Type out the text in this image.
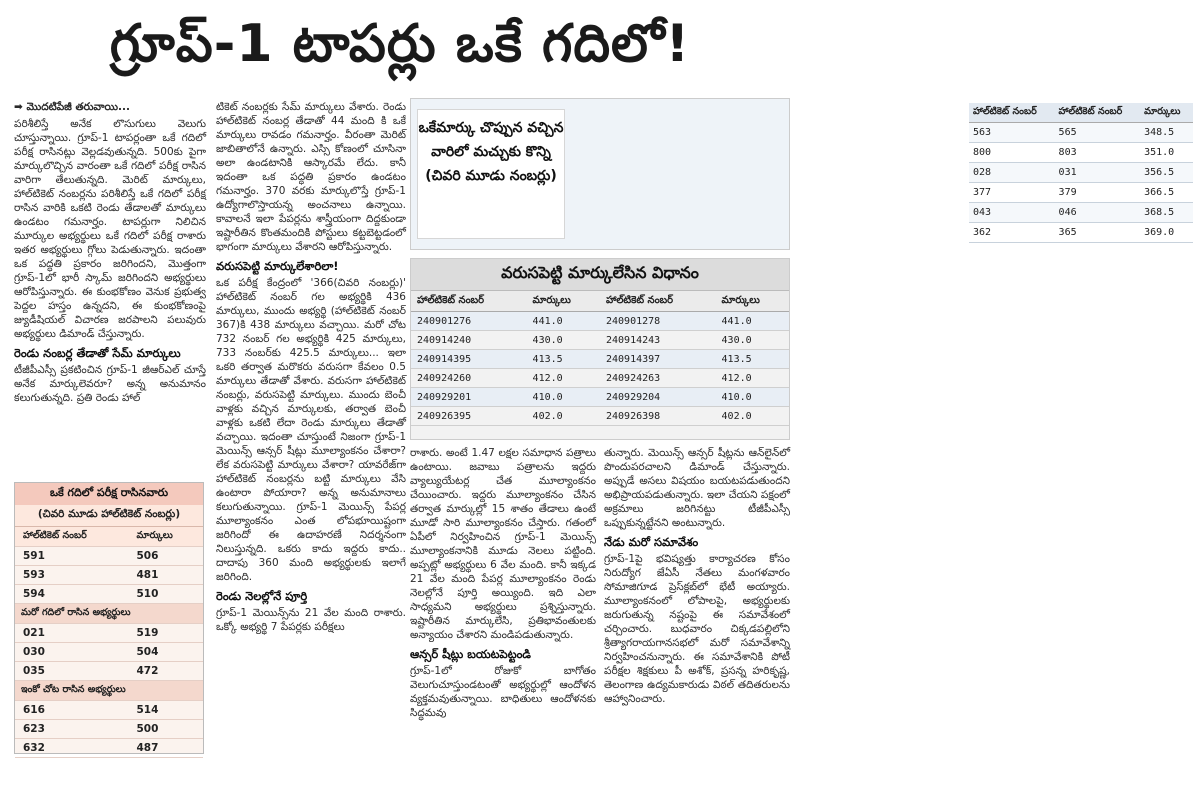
గ్రూప్-1 టాపర్లు ఒకే గదిలో!
➡ మొదటిపేజీ తరువాయి...

పరిశీలిస్తే అనేక లొసుగులు వెలుగు చూస్తున్నాయి. గ్రూప్-1 టాపర్లంతా ఒకే గదిలో పరీక్ష రాసినట్లు వెల్లడవుతున్నది. 500కు పైగా మార్కులొచ్చిన వారంతా ఒకే గదిలో పరీక్ష రాసిన వారిగా తేలుతున్నది. మెరిట్ మార్కులు, హాల్‌టికెట్ నంబర్లను పరిశీలిస్తే ఒకే గదిలో పరీక్ష రాసిన వారికి ఒకటి రెండు తేడాలతో మార్కులు ఉండటం గమనార్హం. టాపర్లుగా నిలిచిన మూర్కుల అభ్యర్థులు ఒకే గదిలో పరీక్ష రాశారు ఇతర అభ్యర్థులు గ్గోలు పెడుతున్నారు. ఇదంతా ఒక పద్ధతి ప్రకారం జరిగిందని, మొత్తంగా గ్రూప్-1లో భారీ స్కామ్ జరిగిందని అభ్యర్థులు ఆరోపిస్తున్నారు. ఈ కుంభకోణం వెనుక ప్రభుత్వ పెద్దల హస్తం ఉన్నదని, ఈ కుంభకోణంపై జ్యుడీషియల్ విచారణ జరపాలని పలువురు అభ్యర్థులు డిమాండ్ చేస్తున్నారు.

రెండు నంబర్ల తేడాతో సేమ్ మార్కులు

టీజీపీఎస్సీ ప్రకటించిన గ్రూప్-1 జీఆర్ఎల్ చూస్తే అనేక మార్కులెవరూ? అన్న అనుమానం కలుగుతున్నది. ప్రతి రెండు హాల్

ఒకే గదిలో పరీక్ష రాసినవారు
(చివరి మూడు హాల్‌టికెట్ నంబర్లు)
హాల్‌టికెట్ నంబర్	మార్కులు
591	506
593	481
594	510
మరో గదిలో రాసిన అభ్యర్థులు	
021	519
030	504
035	472
ఇంకో చోట రాసిన అభ్యర్థులు	
616	514
623	500
632	487

టికెట్ నంబర్లకు సేమ్ మార్కులు వేశారు. రెండు హాల్‌టికెట్ నంబర్ల తేడాతో 44 మంది కి ఒకే మార్కులు రావడం గమనార్హం. వీరంతా మెరిట్ జాబితాలోనే ఉన్నారు. ఎస్సి కోణంలో చూసినా అలా ఉండటానికి ఆస్కారమే లేదు. కానీ ఇదంతా ఒక పద్ధతి ప్రకారం ఉండటం గమనార్హం. 370 వరకు మార్కులొస్తే గ్రూప్-1 ఉద్యోగాలొస్తాయన్న అంచనాలు ఉన్నాయి. కావాలనే ఇలా పేపర్లను శాస్త్రీయంగా దిద్దకుండా ఇష్టారీతిన కొంతమందికి పోస్టులు కట్టబెట్టడంలో భాగంగా మార్కులు వేశారని ఆరోపిస్తున్నారు.

వరుసపెట్టి మార్కులేశారిలా!

ఒక పరీక్ష కేంద్రంలో '366(చివరి నంబర్లు)' హాల్‌టికెట్ నంబర్ గల అభ్యర్థికి 436 మార్కులు, ముందు అభ్యర్థి (హాల్‌టికెట్ నంబర్ 367)కి 438 మార్కులు వచ్చాయి. మరో చోట 732 నంబర్ గల అభ్యర్థికి 425 మార్కులు, 733 నంబర్‌కు 425.5 మార్కులు... ఇలా ఒకరి తర్వాత మరొకరు వరుసగా కేవలం 0.5 మార్కులు తేడాతో వేశారు. వరుసగా హాల్‌టికెట్ నంబర్లు, వరుసపెట్టి మార్కులు. ముందు బెంచీ వాళ్లకు వచ్చిన మార్కులకు, తర్వాత బెంచీ వాళ్లకు ఒకటి లేదా రెండు మార్కులు తేడాతో వచ్చాయి. ఇదంతా చూస్తుంటే నిజంగా గ్రూప్-1 మెయిన్స్ ఆన్సర్ షీట్లు మూల్యాంకనం చేశారా? లేక వరుసపెట్టి మార్కులు వేశారా? యావరేజ్‌గా హాల్‌టికెట్ నంబర్లను బట్టి మార్కులు వేసి ఉంటారా పోయారా? అన్న అనుమానాలు కలుగుతున్నాయి. గ్రూప్-1 మెయిన్స్ పేపర్ల మూల్యాంకనం ఎంత లోపభూయిష్టంగా జరిగిందో ఈ ఉదాహరణే నిదర్శనంగా నిలుస్తున్నది. ఒకరు కాదు ఇద్దరు కాదు.. దాదాపు 360 మంది అభ్యర్థులకు ఇలాగే జరిగింది.

రెండు నెలల్లోనే పూర్తి

గ్రూప్-1 మెయిన్స్‌ను 21 వేల మంది రాశారు. ఒక్కో అభ్యర్థి 7 పేపర్లకు పరీక్షలు

ఒకేమార్కు చొప్పున వచ్చిన వారిలో మచ్చుకు కొన్ని (చివరి మూడు నంబర్లు)
హాల్‌టికెట్ నంబర్	హాల్‌టికెట్ నంబర్	మార్కులు
563	565	348.5
800	803	351.0
028	031	356.5
377	379	366.5
043	046	368.5
362	365	369.0
వరుసపెట్టి మార్కులేసిన విధానం
హాల్‌టికెట్ నంబర్	మార్కులు	హాల్‌టికెట్ నంబర్	మార్కులు
240901276	441.0	240901278	441.0
240914240	430.0	240914243	430.0
240914395	413.5	240914397	413.5
240924260	412.0	240924263	412.0
240929201	410.0	240929204	410.0
240926395	402.0	240926398	402.0

రాశారు. అంటే 1.47 లక్షల సమాధాన పత్రాలు ఉంటాయి. జవాబు పత్రాలను ఇద్దరు వ్యాల్యుయేటర్ల చేత మూల్యాంకనం చేయించారు. ఇద్దరు మూల్యాంకనం చేసిన తర్వాత మార్కుల్లో 15 శాతం తేడాలు ఉంటే మూడో సారి మూల్యాంకనం చేస్తారు. గతంలో ఏపీలో నిర్వహించిన గ్రూప్-1 మెయిన్స్ మూల్యాంకనానికి మూడు నెలలు పట్టింది. అప్పట్లో అభ్యర్థులు 6 వేల మంది. కానీ ఇక్కడ 21 వేల మంది పేపర్ల మూల్యాంకనం రెండు నెలల్లోనే పూర్తి అయ్యింది. ఇది ఎలా సాధ్యమని అభ్యర్థులు ప్రశ్నిస్తున్నారు. ఇష్టారీతిన మార్కులేసి, ప్రతిభావంతులకు అన్యాయం చేశారని మండిపడుతున్నారు.

ఆన్సర్ షీట్లు బయటపెట్టండి

గ్రూప్-1లో రోజుకో బాగోతం వెలుగుచూస్తుండటంతో అభ్యర్థుల్లో ఆందోళన వ్యక్తమవుతున్నాయి. బాధితులు ఆందోళనకు సిద్ధమవు

తున్నారు. మెయిన్స్ ఆన్సర్ షీట్లను ఆన్‌లైన్‌లో పొందుపరచాలని డిమాండ్ చేస్తున్నారు. అప్పుడే అసలు విషయం బయటపడుతుందని అభిప్రాయపడుతున్నారు. ఇలా చేయని పక్షంలో అక్రమాలు జరిగినట్టు టీజీపీఎస్సీ ఒప్పుకున్నట్టేనని అంటున్నారు.

నేడు మరో సమావేశం

గ్రూప్-1పై భవిష్యత్తు కార్యాచరణ కోసం నిరుద్యోగ జేఏసీ నేతలు మంగళవారం సోమాజిగూడ ప్రెస్‌క్లబ్‌లో భేటీ అయ్యారు. మూల్యాంకనంలో లోపాలపై, అభ్యర్థులకు జరుగుతున్న నష్టంపై ఈ సమావేశంలో చర్చించారు. బుధవారం చిక్కడపల్లిలోని శ్రీత్యాగరాయగానసభలో మరో సమావేశాన్ని నిర్వహించనున్నారు. ఈ సమావేశానికి పోటీ పరీక్షల శిక్షకులు పీ అశోక్, ప్రసన్న హరికృష్ణ, తెలంగాణ ఉద్యమకారుడు విఠల్ తదితరులను ఆహ్వానించారు.
